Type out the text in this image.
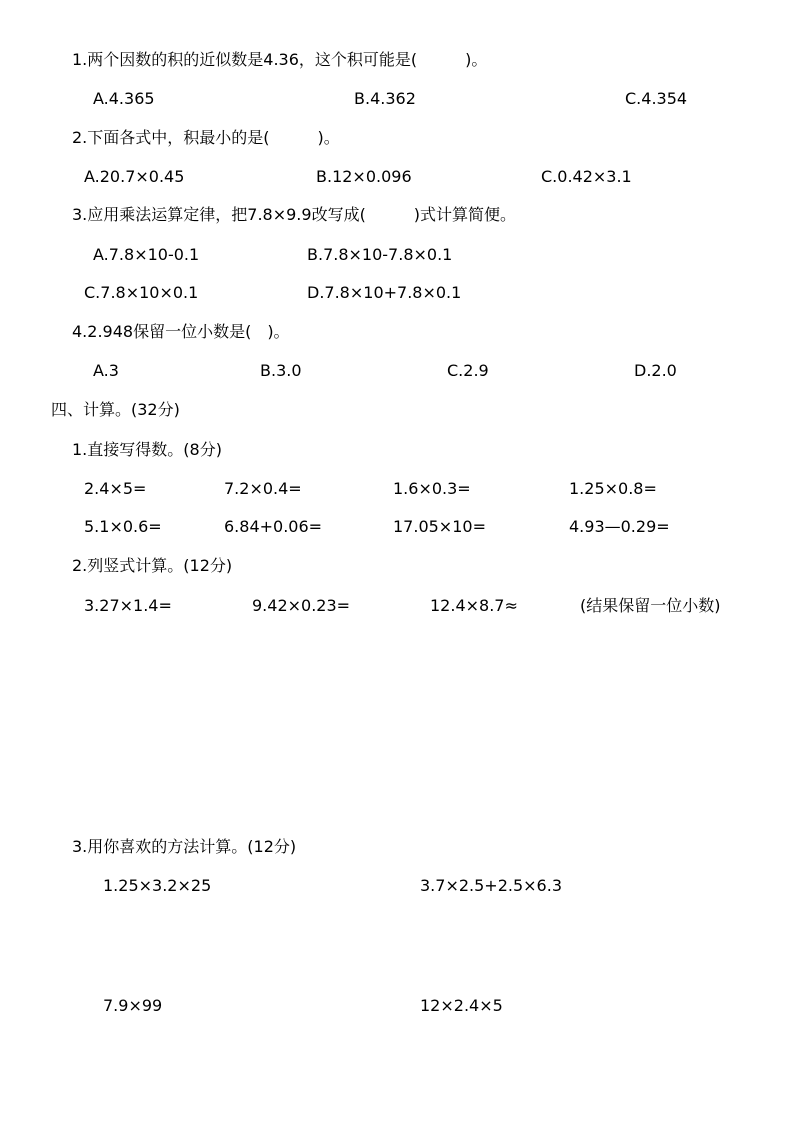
1.两个因数的积的近似数是4.36，这个积可能是(　　　)。
A.4.365	B.4.362	C.4.354
2.下面各式中，积最小的是(　　　)。
A.20.7×0.45	B.12×0.096	C.0.42×3.1
3.应用乘法运算定律，把7.8×9.9改写成(　　　)式计算简便。
A.7.8×10-0.1	B.7.8×10-7.8×0.1
C.7.8×10×0.1	D.7.8×10+7.8×0.1
4.2.948保留一位小数是(　)。
A.3	B.3.0	C.2.9	D.2.0
四、计算。(32分)
1.直接写得数。(8分)
2.4×5=	7.2×0.4=	1.6×0.3=	1.25×0.8=
5.1×0.6=	6.84+0.06=	17.05×10=	4.93—0.29=
2.列竖式计算。(12分)
3.27×1.4=	9.42×0.23=	12.4×8.7≈	(结果保留一位小数)
3.用你喜欢的方法计算。(12分)
1.25×3.2×25	3.7×2.5+2.5×6.3
7.9×99	12×2.4×5
